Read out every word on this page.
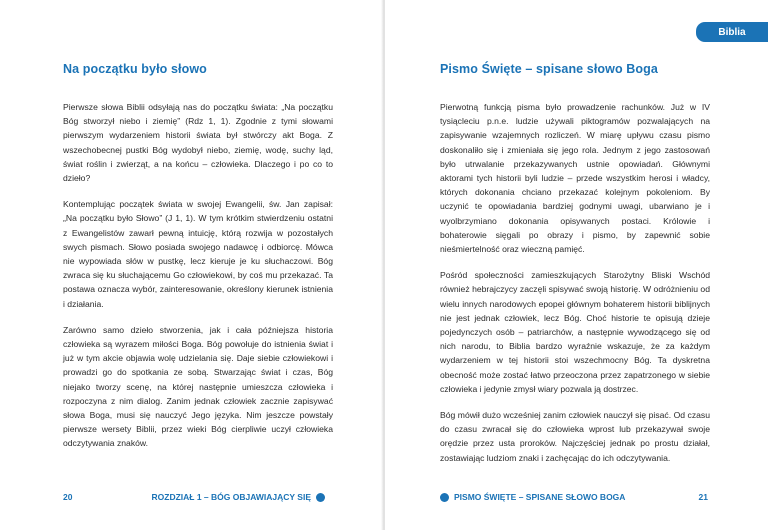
Na początku było słowo

Pierwsze słowa Biblii odsyłają nas do początku świata: „Na początku Bóg stworzył niebo i ziemię” (Rdz 1, 1). Zgodnie z tymi słowami pierwszym wydarzeniem historii świata był stwórczy akt Boga. Z wszechobecnej pustki Bóg wydobył niebo, ziemię, wodę, suchy ląd, świat roślin i zwierząt, a na końcu – człowieka. Dlaczego i po co to dzieło?

Kontemplując początek świata w swojej Ewangelii, św. Jan zapisał: „Na początku było Słowo” (J 1, 1). W tym krótkim stwierdzeniu ostatni z Ewangelistów zawarł pewną intuicję, którą rozwija w pozostałych swych pismach. Słowo posiada swojego nadawcę i odbiorcę. Mówca nie wypowiada słów w pustkę, lecz kieruje je ku słuchaczowi. Bóg zwraca się ku słuchającemu Go człowiekowi, by coś mu przekazać. Ta postawa oznacza wybór, zainteresowanie, określony kierunek istnienia i działania.

Zarówno samo dzieło stworzenia, jak i cała późniejsza historia człowieka są wyrazem miłości Boga. Bóg powołuje do istnienia świat i już w tym akcie objawia wolę udzielania się. Daje siebie człowiekowi i prowadzi go do spotkania ze sobą. Stwarzając świat i czas, Bóg niejako tworzy scenę, na której następnie umieszcza człowieka i rozpoczyna z nim dialog. Zanim jednak człowiek zacznie zapisywać słowa Boga, musi się nauczyć Jego języka. Nim jeszcze powstały pierwsze wersety Biblii, przez wieki Bóg cierpliwie uczył człowieka odczytywania znaków.

20	ROZDZIAŁ 1 – BÓG OBJAWIAJĄCY SIĘ
Biblia
Pismo Święte – spisane słowo Boga

Pierwotną funkcją pisma było prowadzenie rachunków. Już w IV tysiącleciu p.n.e. ludzie używali piktogramów pozwalających na zapisywanie wzajemnych rozliczeń. W miarę upływu czasu pismo doskonaliło się i zmieniała się jego rola. Jednym z jego zastosowań było utrwalanie przekazywanych ustnie opowiadań. Głównymi aktorami tych historii byli ludzie – przede wszystkim herosi i władcy, których dokonania chciano przekazać kolejnym pokoleniom. By uczynić te opowiadania bardziej godnymi uwagi, ubarwiano je i wyolbrzymiano dokonania opisywanych postaci. Królowie i bohaterowie sięgali po obrazy i pismo, by zapewnić sobie nieśmiertelność oraz wieczną pamięć.

Pośród społeczności zamieszkujących Starożytny Bliski Wschód również hebrajczycy zaczęli spisywać swoją historię. W odróżnieniu od wielu innych narodowych epopei głównym bohaterem historii biblijnych nie jest jednak człowiek, lecz Bóg. Choć historie te opisują dzieje pojedynczych osób – patriarchów, a następnie wywodzącego się od nich narodu, to Biblia bardzo wyraźnie wskazuje, że za każdym wydarzeniem w tej historii stoi wszechmocny Bóg. Ta dyskretna obecność może zostać łatwo przeoczona przez zapatrzonego w siebie człowieka i jedynie zmysł wiary pozwala ją dostrzec.

Bóg mówił dużo wcześniej zanim człowiek nauczył się pisać. Od czasu do czasu zwracał się do człowieka wprost lub przekazywał swoje orędzie przez usta proroków. Najczęściej jednak po prostu działał, zostawiając ludziom znaki i zachęcając do ich odczytywania.

PISMO ŚWIĘTE – SPISANE SŁOWO BOGA	21
